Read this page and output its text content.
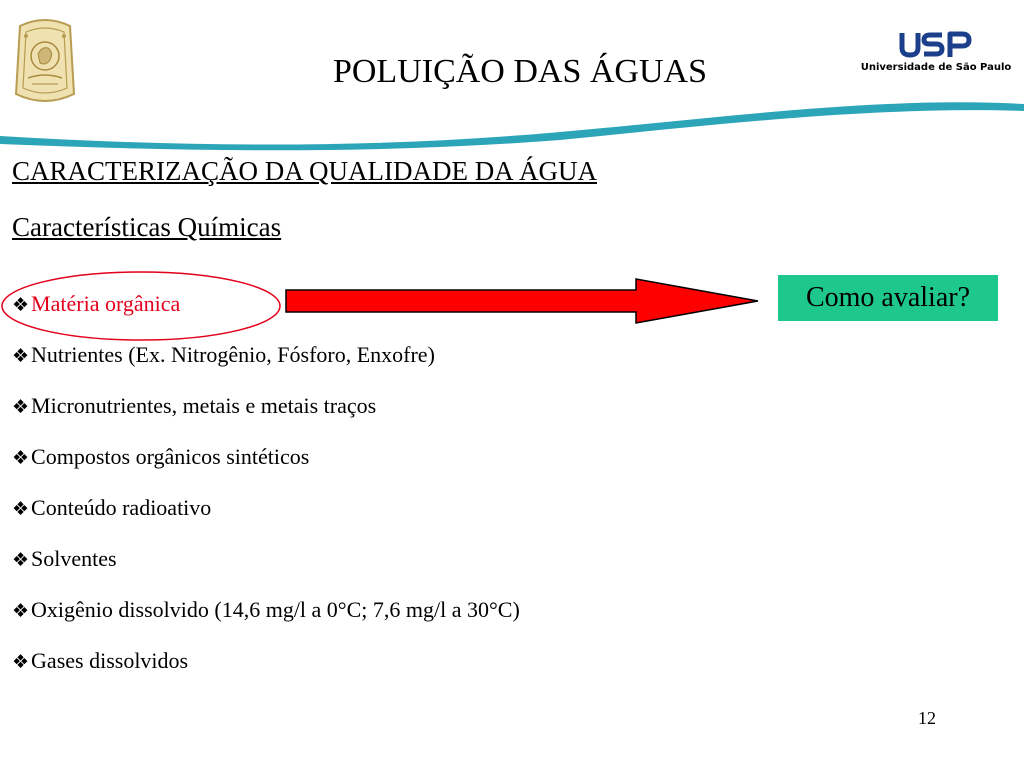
POLUIÇÃO DAS ÁGUAS	Universidade de São Paulo
CARACTERIZAÇÃO DA QUALIDADE DA ÁGUA
Características Químicas
❖Matéria orgânica
❖Nutrientes (Ex. Nitrogênio, Fósforo, Enxofre)
❖Micronutrientes, metais e metais traços
❖Compostos orgânicos sintéticos
❖Conteúdo radioativo
❖Solventes
❖Oxigênio dissolvido (14,6 mg/l a 0°C; 7,6 mg/l a 30°C)
❖Gases dissolvidos
Como avaliar?
12
